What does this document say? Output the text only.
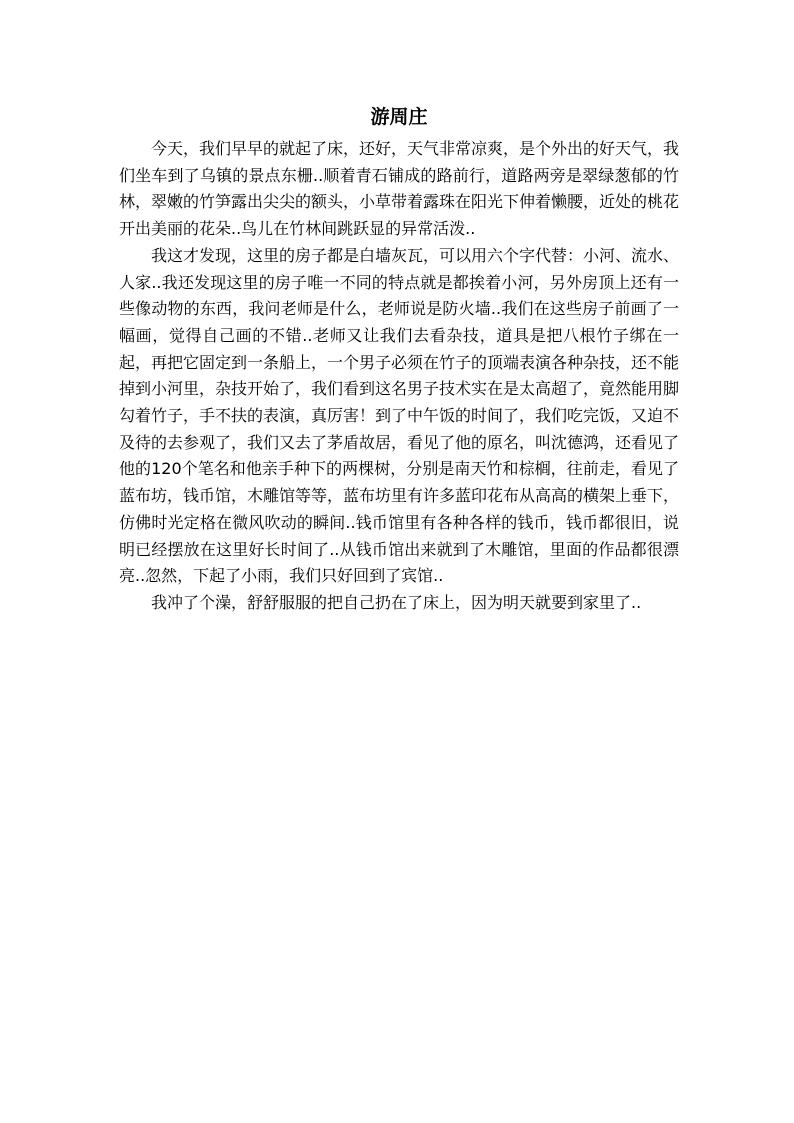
游周庄

今天，我们早早的就起了床，还好，天气非常凉爽，是个外出的好天气，我们坐车到了乌镇的景点东栅..顺着青石铺成的路前行，道路两旁是翠绿葱郁的竹林，翠嫩的竹笋露出尖尖的额头，小草带着露珠在阳光下伸着懒腰，近处的桃花开出美丽的花朵..鸟儿在竹林间跳跃显的异常活泼..

我这才发现，这里的房子都是白墙灰瓦，可以用六个字代替：小河、流水、人家..我还发现这里的房子唯一不同的特点就是都挨着小河，另外房顶上还有一些像动物的东西，我问老师是什么，老师说是防火墙..我们在这些房子前画了一幅画，觉得自己画的不错..老师又让我们去看杂技，道具是把八根竹子绑在一起，再把它固定到一条船上，一个男子必须在竹子的顶端表演各种杂技，还不能掉到小河里，杂技开始了，我们看到这名男子技术实在是太高超了，竟然能用脚勾着竹子，手不扶的表演，真厉害！到了中午饭的时间了，我们吃完饭，又迫不及待的去参观了，我们又去了茅盾故居，看见了他的原名，叫沈德鸿，还看见了他的120个笔名和他亲手种下的两棵树，分别是南天竹和棕榈，往前走，看见了蓝布坊，钱币馆，木雕馆等等，蓝布坊里有许多蓝印花布从高高的横架上垂下，仿佛时光定格在微风吹动的瞬间..钱币馆里有各种各样的钱币，钱币都很旧，说明已经摆放在这里好长时间了..从钱币馆出来就到了木雕馆，里面的作品都很漂亮..忽然，下起了小雨，我们只好回到了宾馆..

我冲了个澡，舒舒服服的把自己扔在了床上，因为明天就要到家里了..
